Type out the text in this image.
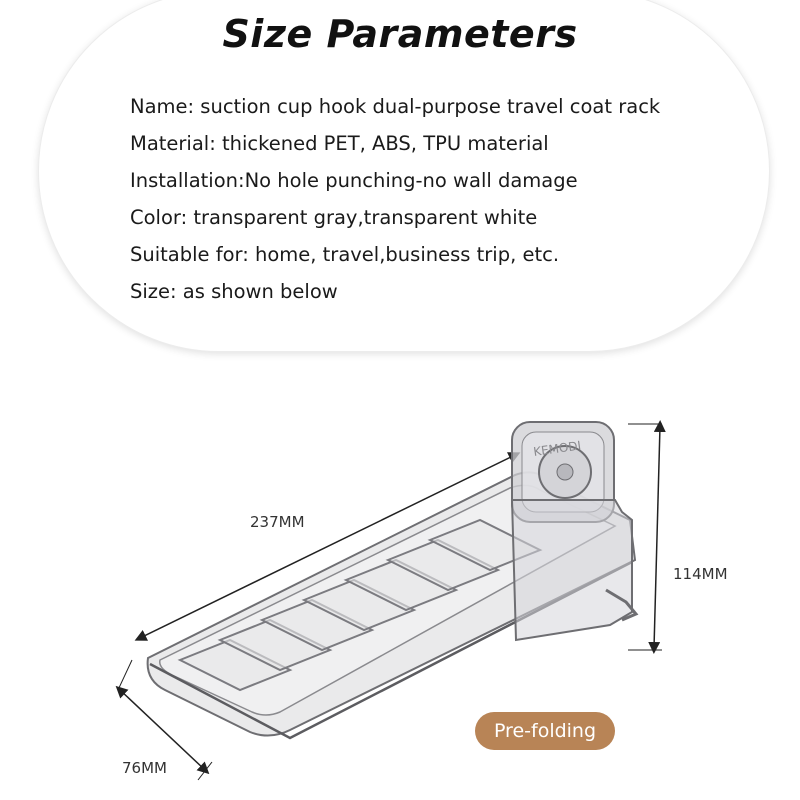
Size Parameters
Name: suction cup hook dual-purpose travel coat rack
Material: thickened PET, ABS, TPU material
Installation:No hole punching-no wall damage
Color: transparent gray,transparent white
Suitable for: home, travel,business trip, etc.
Size: as shown below
KEMODI
237MM
114MM
76MM
Pre-folding
